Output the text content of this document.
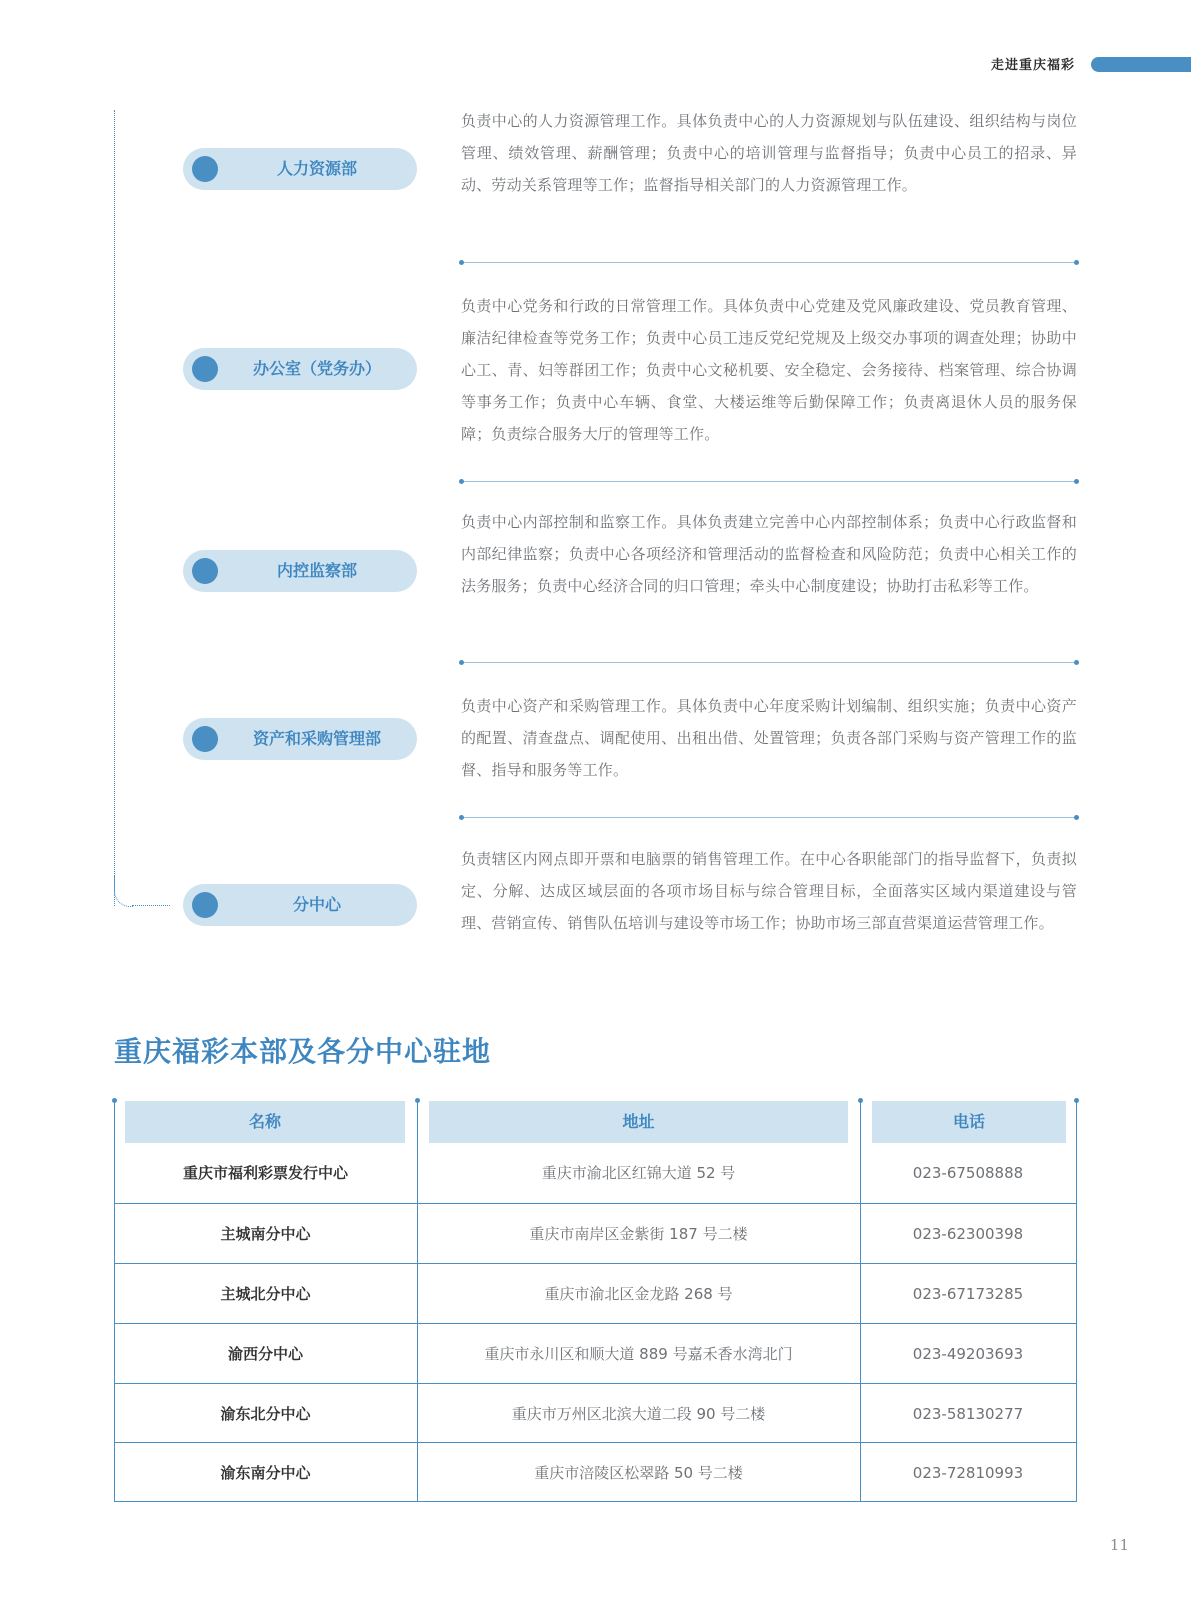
走进重庆福彩
人力资源部

负责中心的人力资源管理工作。具体负责中心的人力资源规划与队伍建设、组织结构与岗位管理、绩效管理、薪酬管理；负责中心的培训管理与监督指导；负责中心员工的招录、异动、劳动关系管理等工作；监督指导相关部门的人力资源管理工作。

办公室（党务办）

负责中心党务和行政的日常管理工作。具体负责中心党建及党风廉政建设、党员教育管理、廉洁纪律检查等党务工作；负责中心员工违反党纪党规及上级交办事项的调查处理；协助中心工、青、妇等群团工作；负责中心文秘机要、安全稳定、会务接待、档案管理、综合协调等事务工作；负责中心车辆、食堂、大楼运维等后勤保障工作；负责离退休人员的服务保障；负责综合服务大厅的管理等工作。

内控监察部

负责中心内部控制和监察工作。具体负责建立完善中心内部控制体系；负责中心行政监督和内部纪律监察；负责中心各项经济和管理活动的监督检查和风险防范；负责中心相关工作的法务服务；负责中心经济合同的归口管理；牵头中心制度建设；协助打击私彩等工作。

资产和采购管理部

负责中心资产和采购管理工作。具体负责中心年度采购计划编制、组织实施；负责中心资产的配置、清查盘点、调配使用、出租出借、处置管理；负责各部门采购与资产管理工作的监督、指导和服务等工作。

分中心

负责辖区内网点即开票和电脑票的销售管理工作。在中心各职能部门的指导监督下，负责拟定、分解、达成区域层面的各项市场目标与综合管理目标，全面落实区域内渠道建设与管理、营销宣传、销售队伍培训与建设等市场工作；协助市场三部直营渠道运营管理工作。

重庆福彩本部及各分中心驻地
名称	地址	电话
重庆市福利彩票发行中心	重庆市渝北区红锦大道 52 号	023-67508888
主城南分中心	重庆市南岸区金紫街 187 号二楼	023-62300398
主城北分中心	重庆市渝北区金龙路 268 号	023-67173285
渝西分中心	重庆市永川区和顺大道 889 号嘉禾香水湾北门	023-49203693
渝东北分中心	重庆市万州区北滨大道二段 90 号二楼	023-58130277
渝东南分中心	重庆市涪陵区松翠路 50 号二楼	023-72810993
11
